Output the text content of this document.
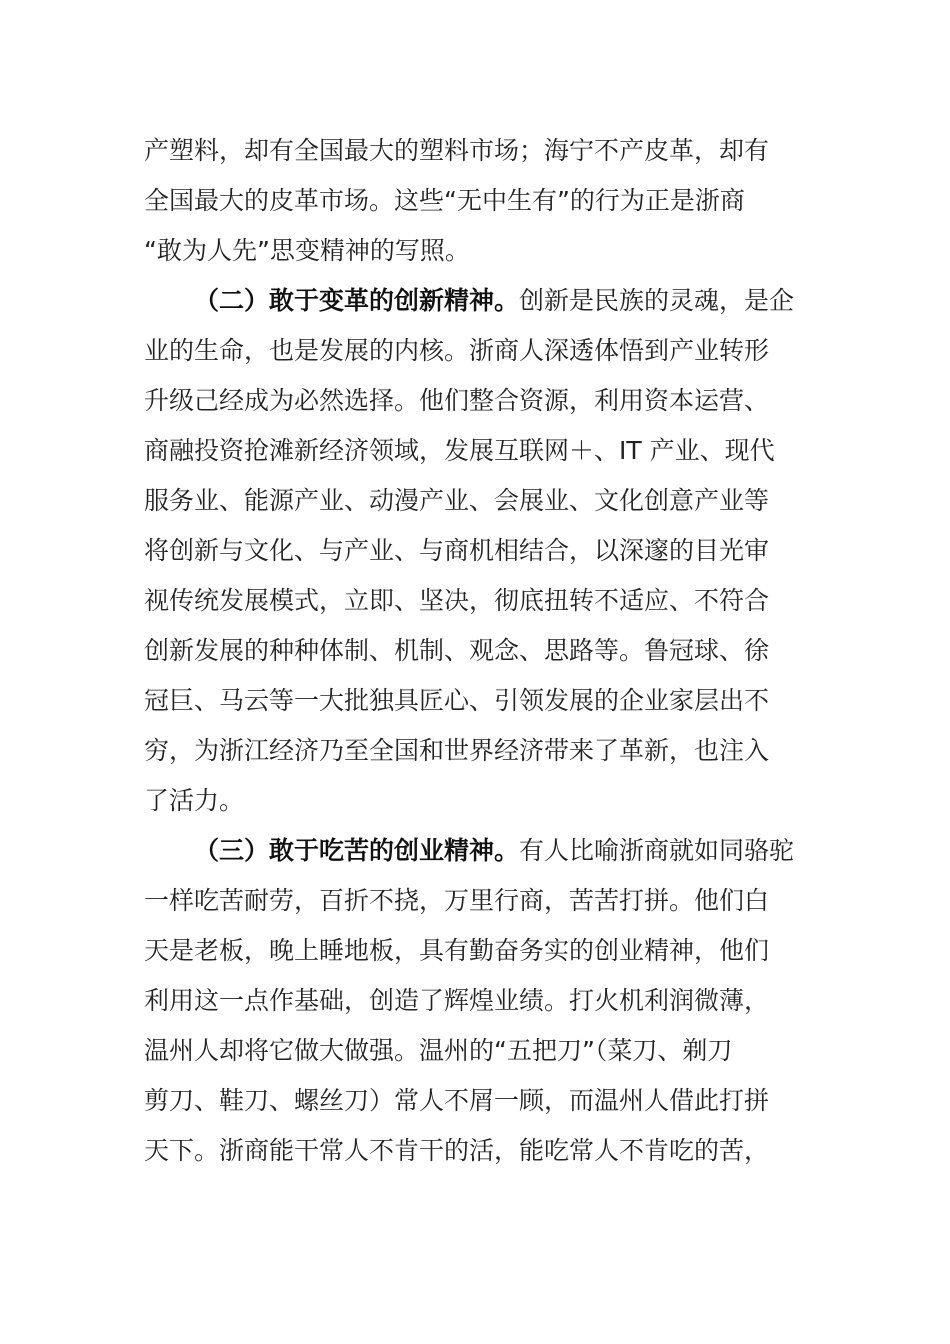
产塑料，却有全国最大的塑料市场；海宁不产皮革，却有
全国最大的皮革市场。这些“无中生有”的行为正是浙商
“敢为人先”思变精神的写照。
（二）敢于变革的创新精神。创新是民族的灵魂，是企
业的生命，也是发展的内核。浙商人深透体悟到产业转形
升级己经成为必然选择。他们整合资源，利用资本运营、
商融投资抢滩新经济领域，发展互联网＋、IT 产业、现代
服务业、能源产业、动漫产业、会展业、文化创意产业等
将创新与文化、与产业、与商机相结合，以深邃的目光审
视传统发展模式，立即、坚决，彻底扭转不适应、不符合
创新发展的种种体制、机制、观念、思路等。鲁冠球、徐
冠巨、马云等一大批独具匠心、引领发展的企业家层出不
穷，为浙江经济乃至全国和世界经济带来了革新，也注入
了活力。
（三）敢于吃苦的创业精神。有人比喻浙商就如同骆驼
一样吃苦耐劳，百折不挠，万里行商，苦苦打拼。他们白
天是老板，晚上睡地板，具有勤奋务实的创业精神，他们
利用这一点作基础，创造了辉煌业绩。打火机利润微薄，
温州人却将它做大做强。温州的“五把刀”（菜刀、剃刀
剪刀、鞋刀、螺丝刀）常人不屑一顾，而温州人借此打拼
天下。浙商能干常人不肯干的活，能吃常人不肯吃的苦，
